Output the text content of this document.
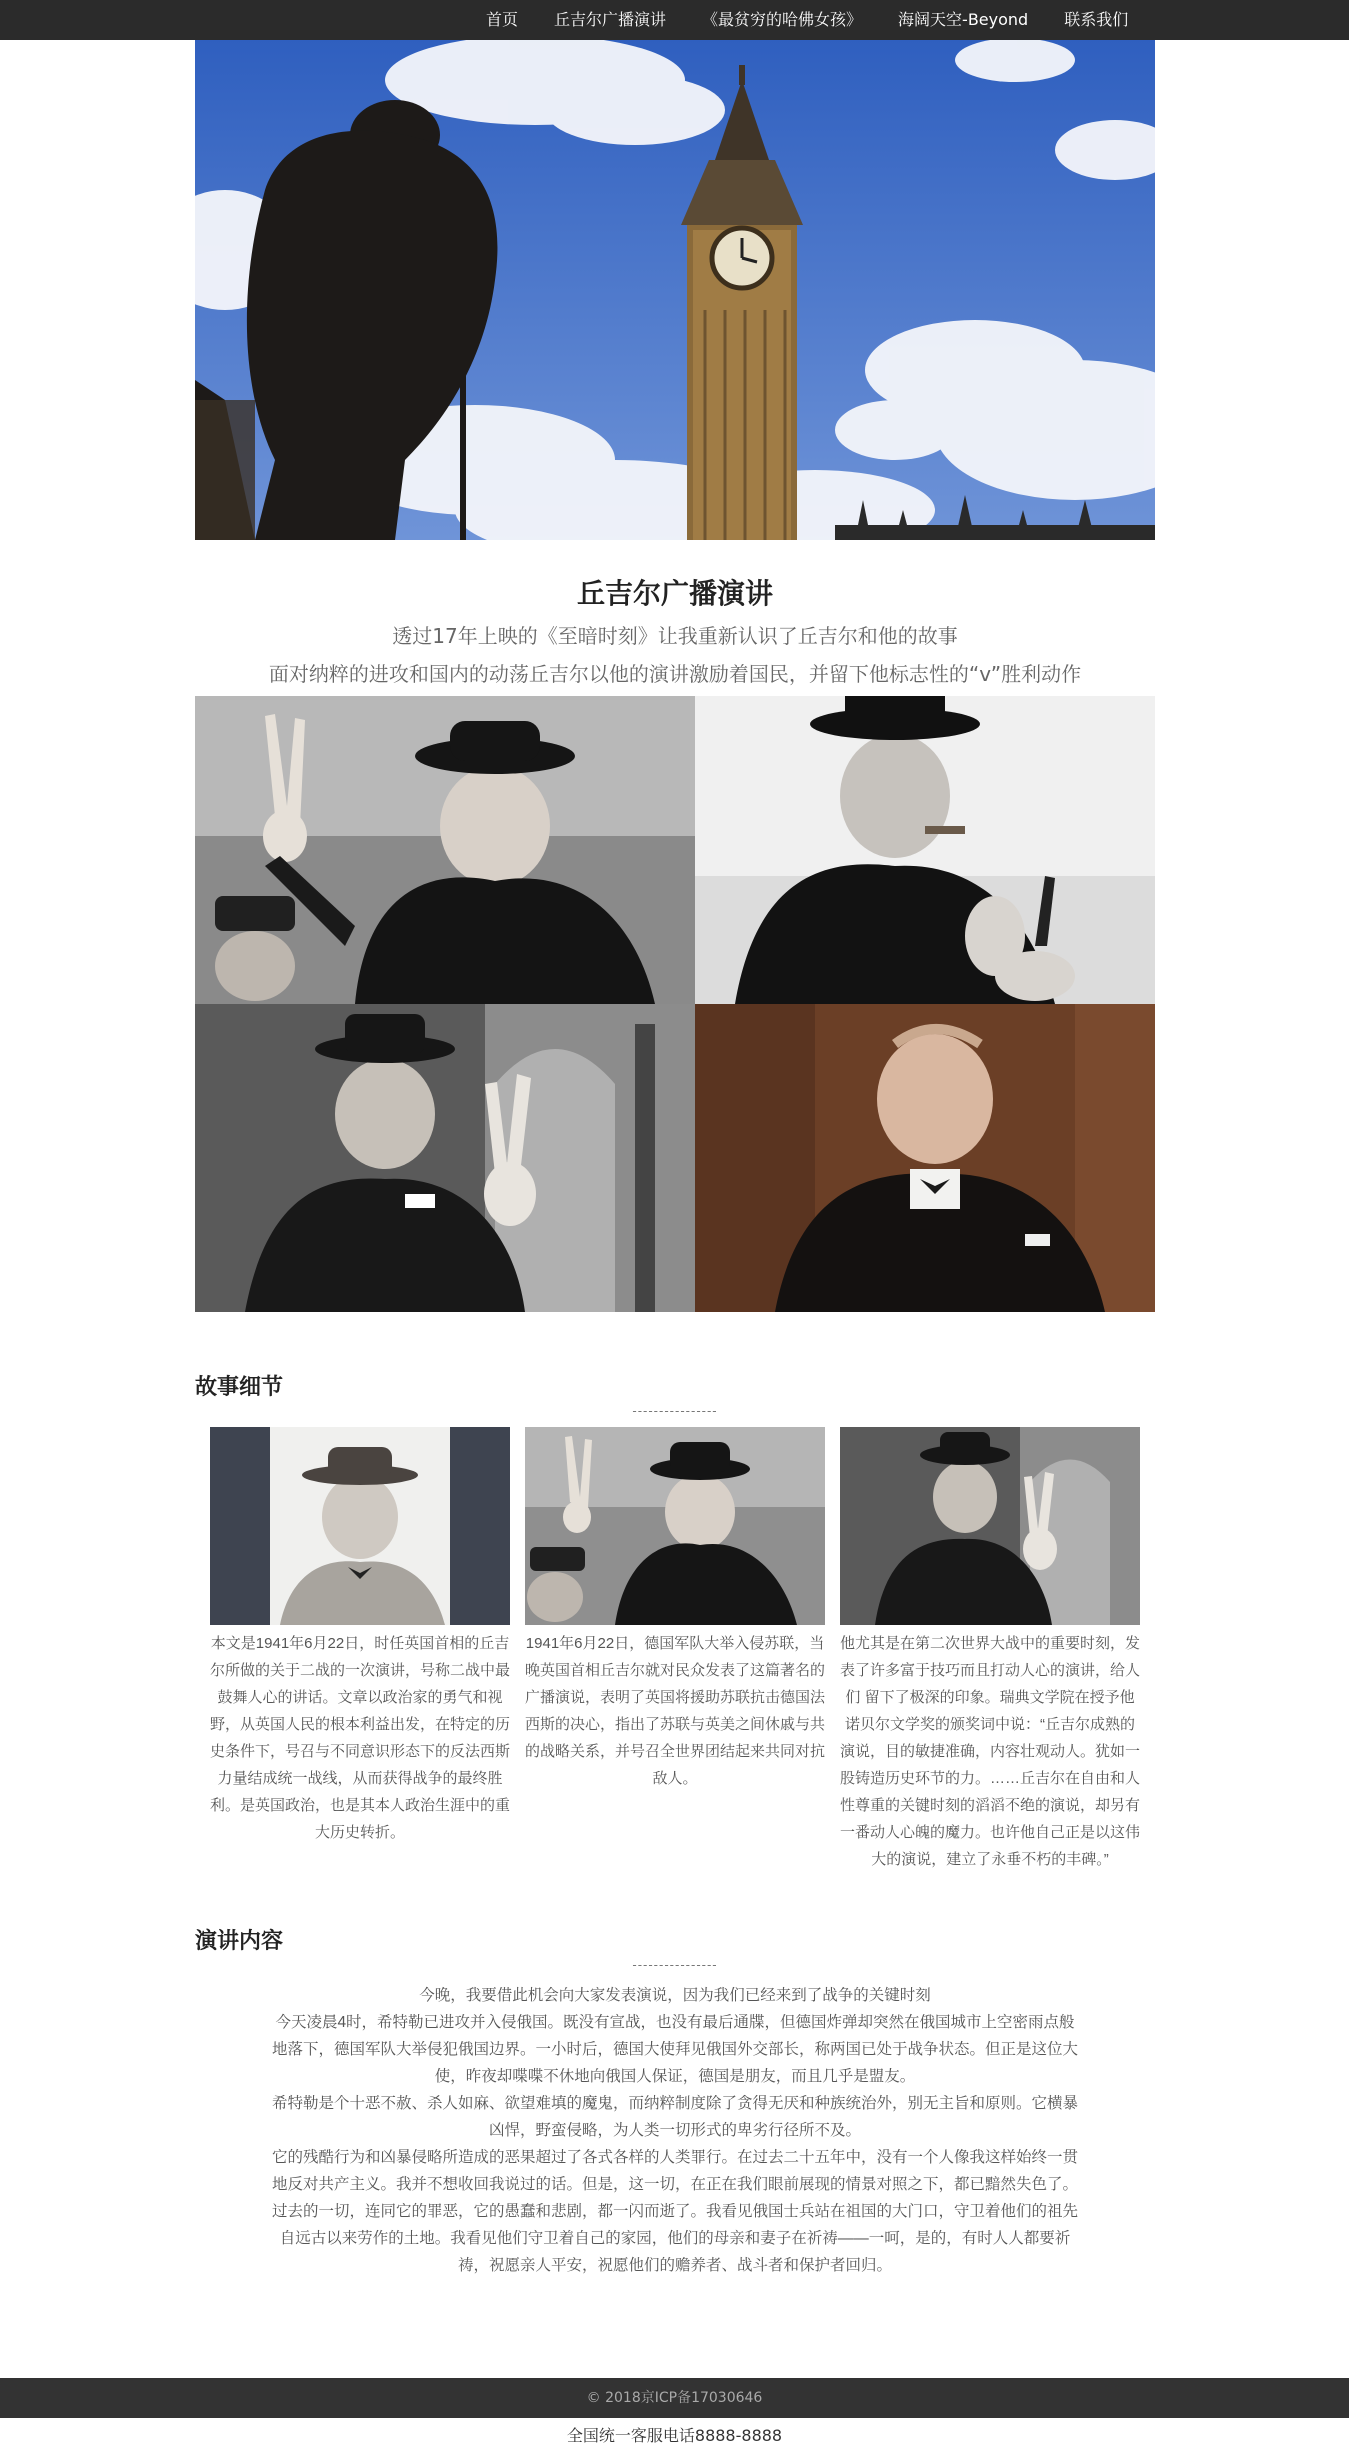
首页 丘吉尔广播演讲 《最贫穷的哈佛女孩》 海阔天空-Beyond 联系我们
丘吉尔广播演讲
透过17年上映的《至暗时刻》让我重新认识了丘吉尔和他的故事
面对纳粹的进攻和国内的动荡丘吉尔以他的演讲激励着国民，并留下他标志性的“v”胜利动作
故事细节
----------------
本文是1941年6月22日，时任英国首相的丘吉尔所做的关于二战的一次演讲，号称二战中最鼓舞人心的讲话。文章以政治家的勇气和视野，从英国人民的根本利益出发，在特定的历史条件下，号召与不同意识形态下的反法西斯力量结成统一战线，从而获得战争的最终胜利。是英国政治，也是其本人政治生涯中的重大历史转折。
1941年6月22日，德国军队大举入侵苏联，当晚英国首相丘吉尔就对民众发表了这篇著名的广播演说，表明了英国将援助苏联抗击德国法西斯的决心，指出了苏联与英美之间休戚与共的战略关系，并号召全世界团结起来共同对抗敌人。
他尤其是在第二次世界大战中的重要时刻，发表了许多富于技巧而且打动人心的演讲，给人们 留下了极深的印象。瑞典文学院在授予他诺贝尔文学奖的颁奖词中说：“丘吉尔成熟的演说，目的敏捷准确，内容壮观动人。犹如一股铸造历史环节的力。……丘吉尔在自由和人性尊重的关键时刻的滔滔不绝的演说，却另有一番动人心魄的魔力。也许他自己正是以这伟大的演说，建立了永垂不朽的丰碑。”
演讲内容
----------------

今晚，我要借此机会向大家发表演说，因为我们已经来到了战争的关键时刻

今天凌晨4时，希特勒已进攻并入侵俄国。既没有宣战，也没有最后通牒，但德国炸弹却突然在俄国城市上空密雨点般地落下，德国军队大举侵犯俄国边界。一小时后，德国大使拜见俄国外交部长，称两国已处于战争状态。但正是这位大使，昨夜却喋喋不休地向俄国人保证，德国是朋友，而且几乎是盟友。

希特勒是个十恶不赦、杀人如麻、欲望难填的魔鬼，而纳粹制度除了贪得无厌和种族统治外，别无主旨和原则。它横暴凶悍，野蛮侵略，为人类一切形式的卑劣行径所不及。

它的残酷行为和凶暴侵略所造成的恶果超过了各式各样的人类罪行。在过去二十五年中，没有一个人像我这样始终一贯地反对共产主义。我并不想收回我说过的话。但是，这一切，在正在我们眼前展现的情景对照之下，都已黯然失色了。过去的一切，连同它的罪恶，它的愚蠢和悲剧，都一闪而逝了。我看见俄国士兵站在祖国的大门口，守卫着他们的祖先自远古以来劳作的土地。我看见他们守卫着自己的家园，他们的母亲和妻子在祈祷——一呵，是的，有时人人都要祈祷，祝愿亲人平安，祝愿他们的赡养者、战斗者和保护者回归。

© 2018京ICP备17030646
全国统一客服电话8888-8888
